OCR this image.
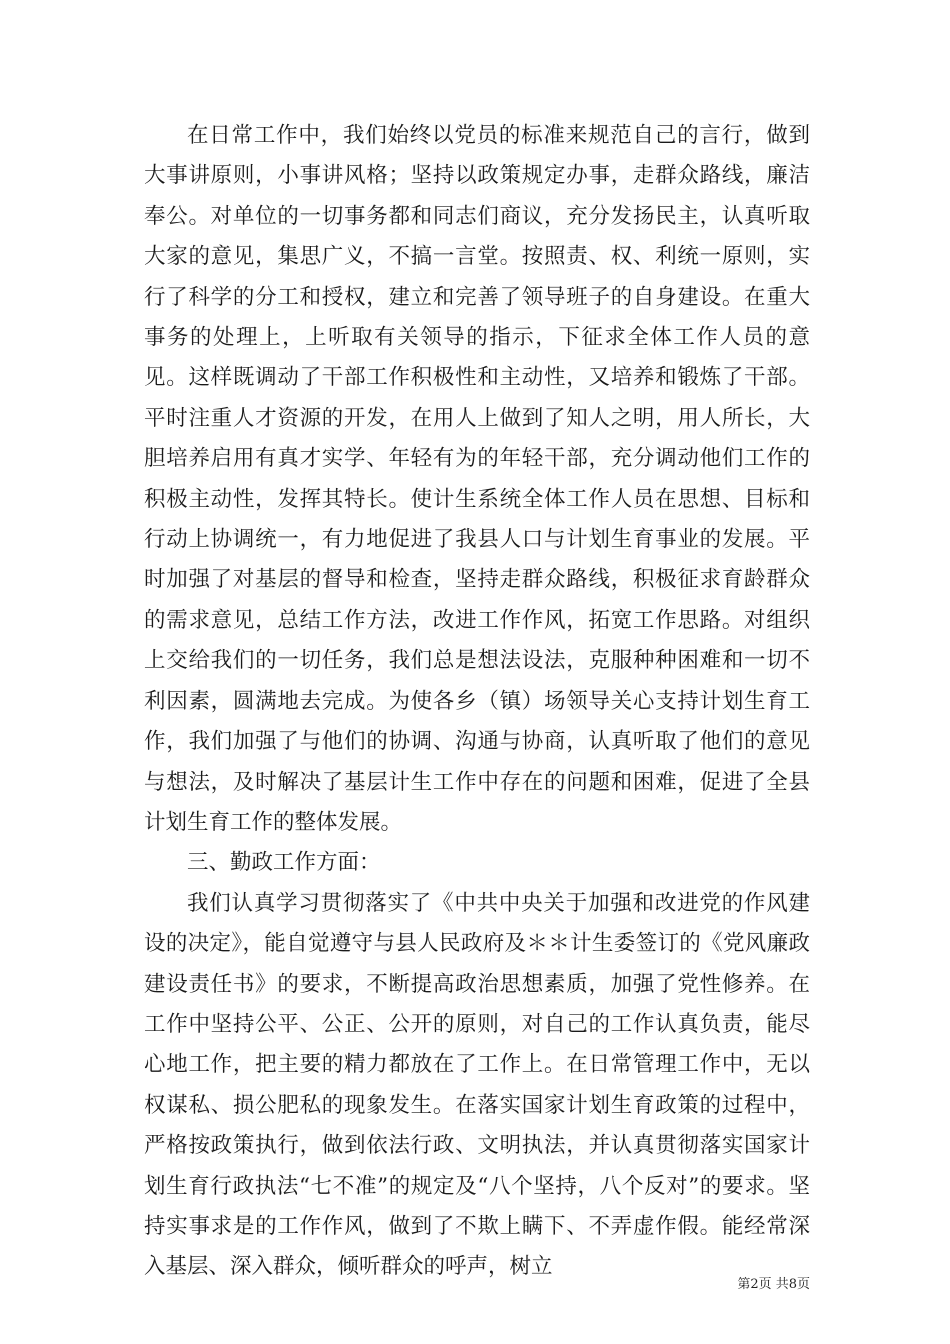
在日常工作中，我们始终以党员的标准来规范自己的言行，做到大事讲原则，小事讲风格；坚持以政策规定办事，走群众路线，廉洁奉公。对单位的一切事务都和同志们商议，充分发扬民主，认真听取大家的意见，集思广义，不搞一言堂。按照责、权、利统一原则，实行了科学的分工和授权，建立和完善了领导班子的自身建设。在重大事务的处理上，上听取有关领导的指示，下征求全体工作人员的意见。这样既调动了干部工作积极性和主动性，又培养和锻炼了干部。平时注重人才资源的开发，在用人上做到了知人之明，用人所长，大胆培养启用有真才实学、年轻有为的年轻干部，充分调动他们工作的积极主动性，发挥其特长。使计生系统全体工作人员在思想、目标和行动上协调统一，有力地促进了我县人口与计划生育事业的发展。平时加强了对基层的督导和检查，坚持走群众路线，积极征求育龄群众的需求意见，总结工作方法，改进工作作风，拓宽工作思路。对组织上交给我们的一切任务，我们总是想法设法，克服种种困难和一切不利因素，圆满地去完成。为使各乡（镇）场领导关心支持计划生育工作，我们加强了与他们的协调、沟通与协商，认真听取了他们的意见与想法，及时解决了基层计生工作中存在的问题和困难，促进了全县计划生育工作的整体发展。

三、勤政工作方面：

我们认真学习贯彻落实了《中共中央关于加强和改进党的作风建设的决定》，能自觉遵守与县人民政府及＊＊计生委签订的《党风廉政建设责任书》的要求，不断提高政治思想素质，加强了党性修养。在工作中坚持公平、公正、公开的原则，对自己的工作认真负责，能尽心地工作，把主要的精力都放在了工作上。在日常管理工作中，无以权谋私、损公肥私的现象发生。在落实国家计划生育政策的过程中，严格按政策执行，做到依法行政、文明执法，并认真贯彻落实国家计划生育行政执法“七不准”的规定及“八个坚持，八个反对”的要求。坚持实事求是的工作作风，做到了不欺上瞒下、不弄虚作假。能经常深入基层、深入群众，倾听群众的呼声，树立

第2页 共8页
